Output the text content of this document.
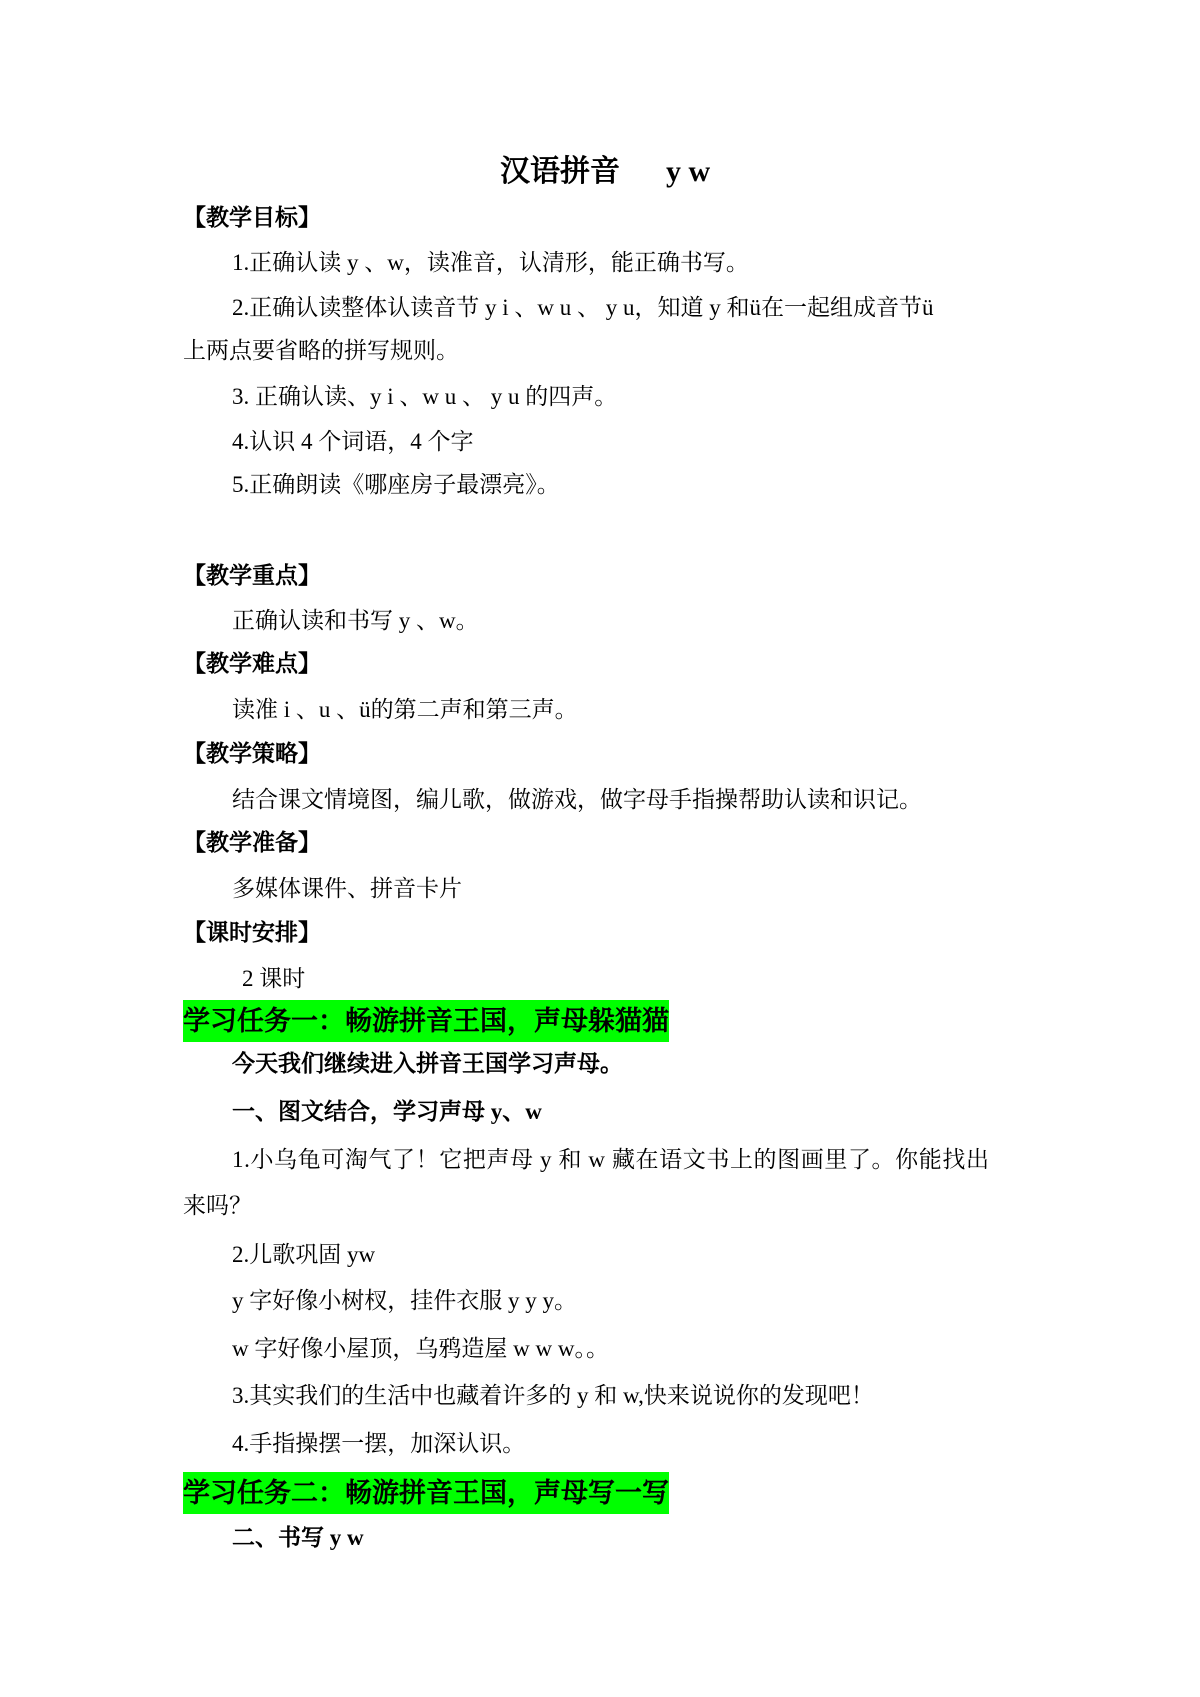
汉语拼音 y w
【教学目标】
1.正确认读 y 、w，读准音，认清形，能正确书写。
2.正确认读整体认读音节 y i 、w u 、 y u，知道 y 和ü在一起组成音节ü
上两点要省略的拼写规则。
3. 正确认读、y i 、w u 、 y u 的四声。
4.认识 4 个词语，4 个字
5.正确朗读《哪座房子最漂亮》。
【教学重点】
正确认读和书写 y 、w。
【教学难点】
读准 i 、u 、ü的第二声和第三声。
【教学策略】
结合课文情境图，编儿歌，做游戏，做字母手指操帮助认读和识记。
【教学准备】
多媒体课件、拼音卡片
【课时安排】
2 课时
学习任务一：畅游拼音王国，声母躲猫猫
今天我们继续进入拼音王国学习声母。
一、图文结合，学习声母 y、w
1.小乌龟可淘气了！它把声母 y 和 w 藏在语文书上的图画里了。你能找出
来吗？
2.儿歌巩固 yw
y 字好像小树杈，挂件衣服 y y y。
w 字好像小屋顶，乌鸦造屋 w w w。。
3.其实我们的生活中也藏着许多的 y 和 w,快来说说你的发现吧！
4.手指操摆一摆，加深认识。
学习任务二：畅游拼音王国，声母写一写
二、书写 y w
